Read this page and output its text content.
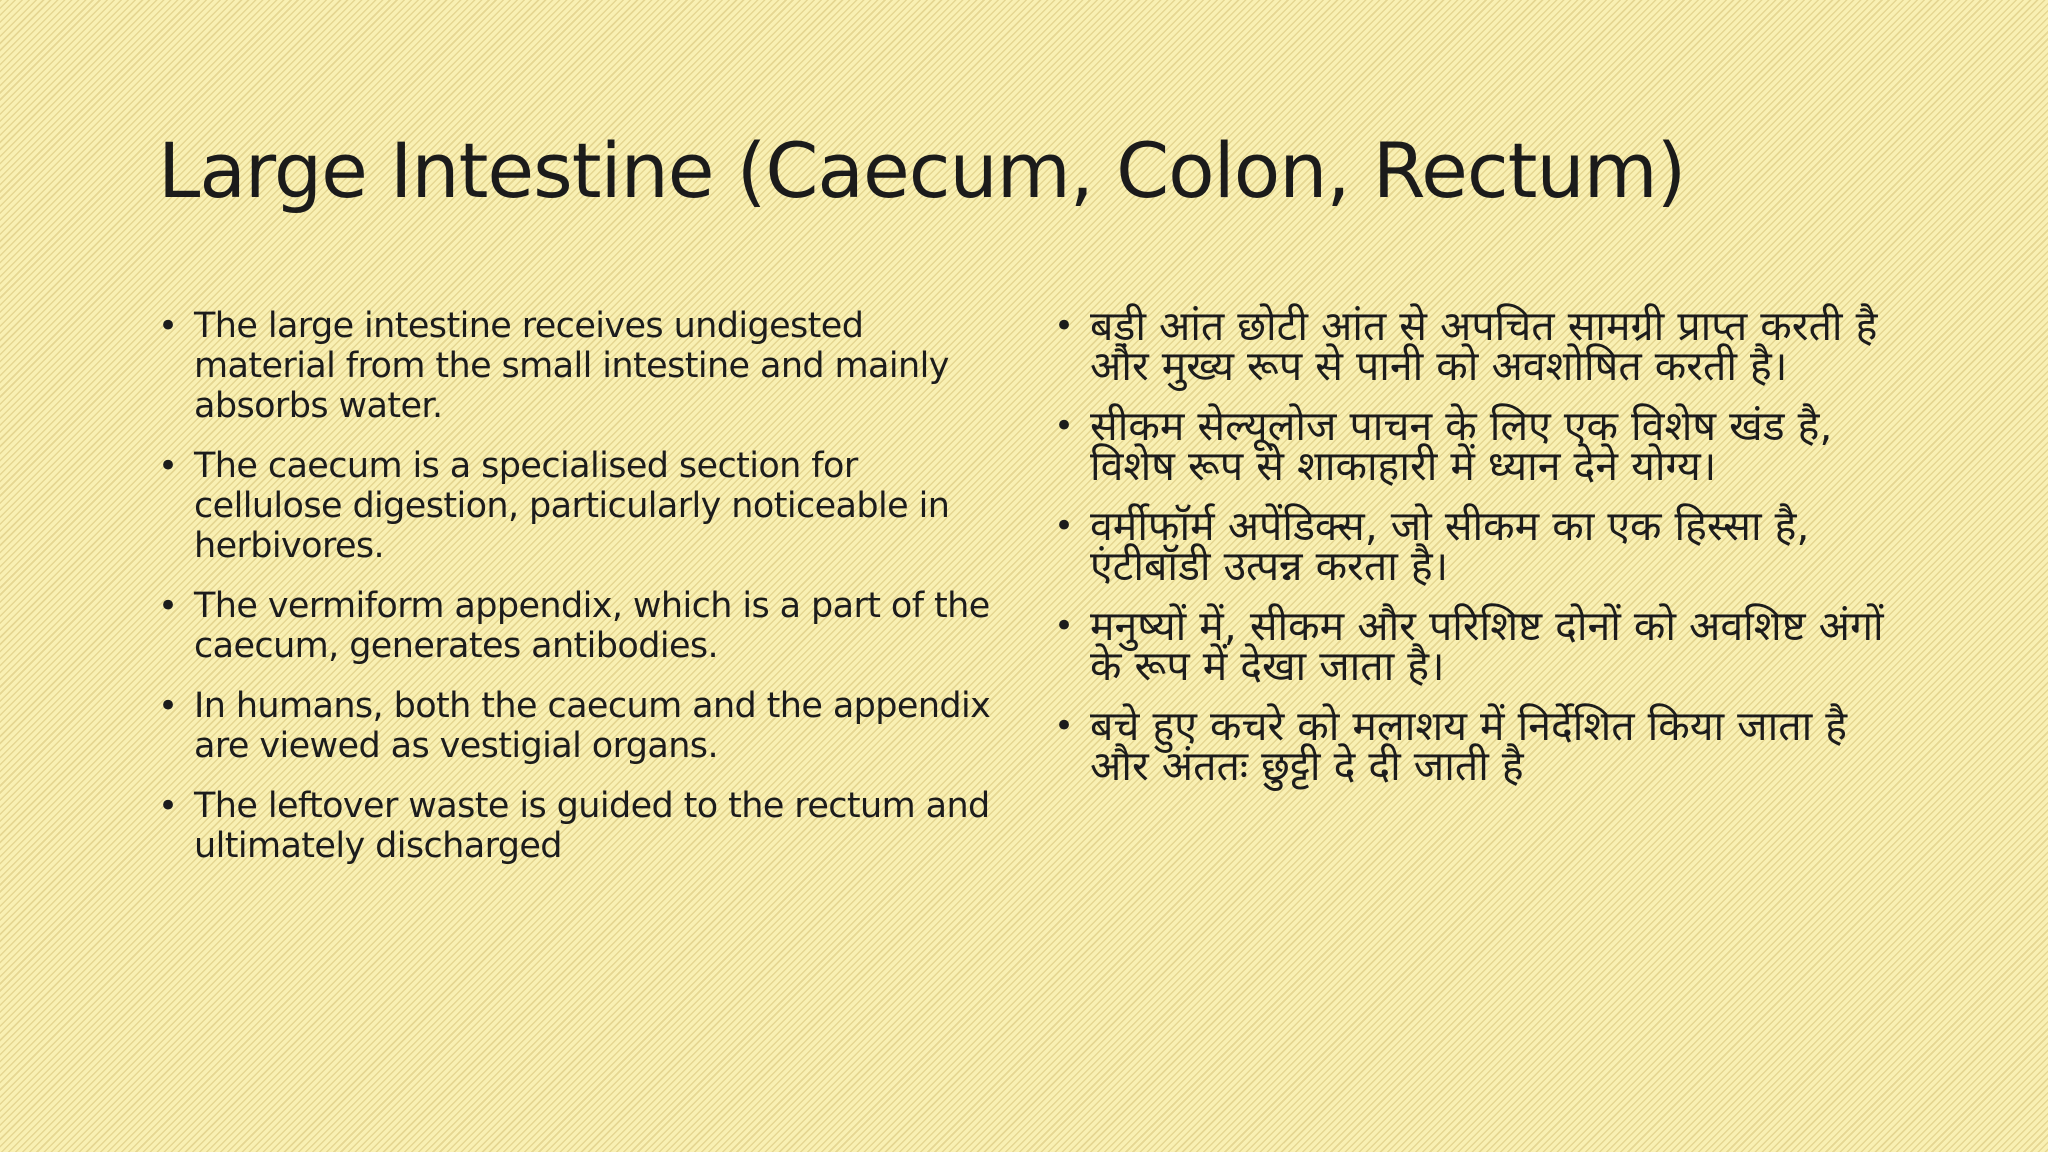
Large Intestine (Caecum, Colon, Rectum)
• The large intestine receives undigested material from the small intestine and mainly absorbs water.
• The caecum is a specialised section for cellulose digestion, particularly noticeable in herbivores.
• The vermiform appendix, which is a part of the caecum, generates antibodies.
• In humans, both the caecum and the appendix are viewed as vestigial organs.
• The leftover waste is guided to the rectum and ultimately discharged
• बड़ी आंत छोटी आंत से अपचित सामग्री प्राप्त करती है और मुख्य रूप से पानी को अवशोषित करती है।
• सीकम सेल्यूलोज पाचन के लिए एक विशेष खंड है, विशेष रूप से शाकाहारी में ध्यान देने योग्य।
• वर्मीफॉर्म अपेंडिक्स, जो सीकम का एक हिस्सा है, एंटीबॉडी उत्पन्न करता है।
• मनुष्यों में, सीकम और परिशिष्ट दोनों को अवशिष्ट अंगों के रूप में देखा जाता है।
• बचे हुए कचरे को मलाशय में निर्देशित किया जाता है और अंततः छुट्टी दे दी जाती है
